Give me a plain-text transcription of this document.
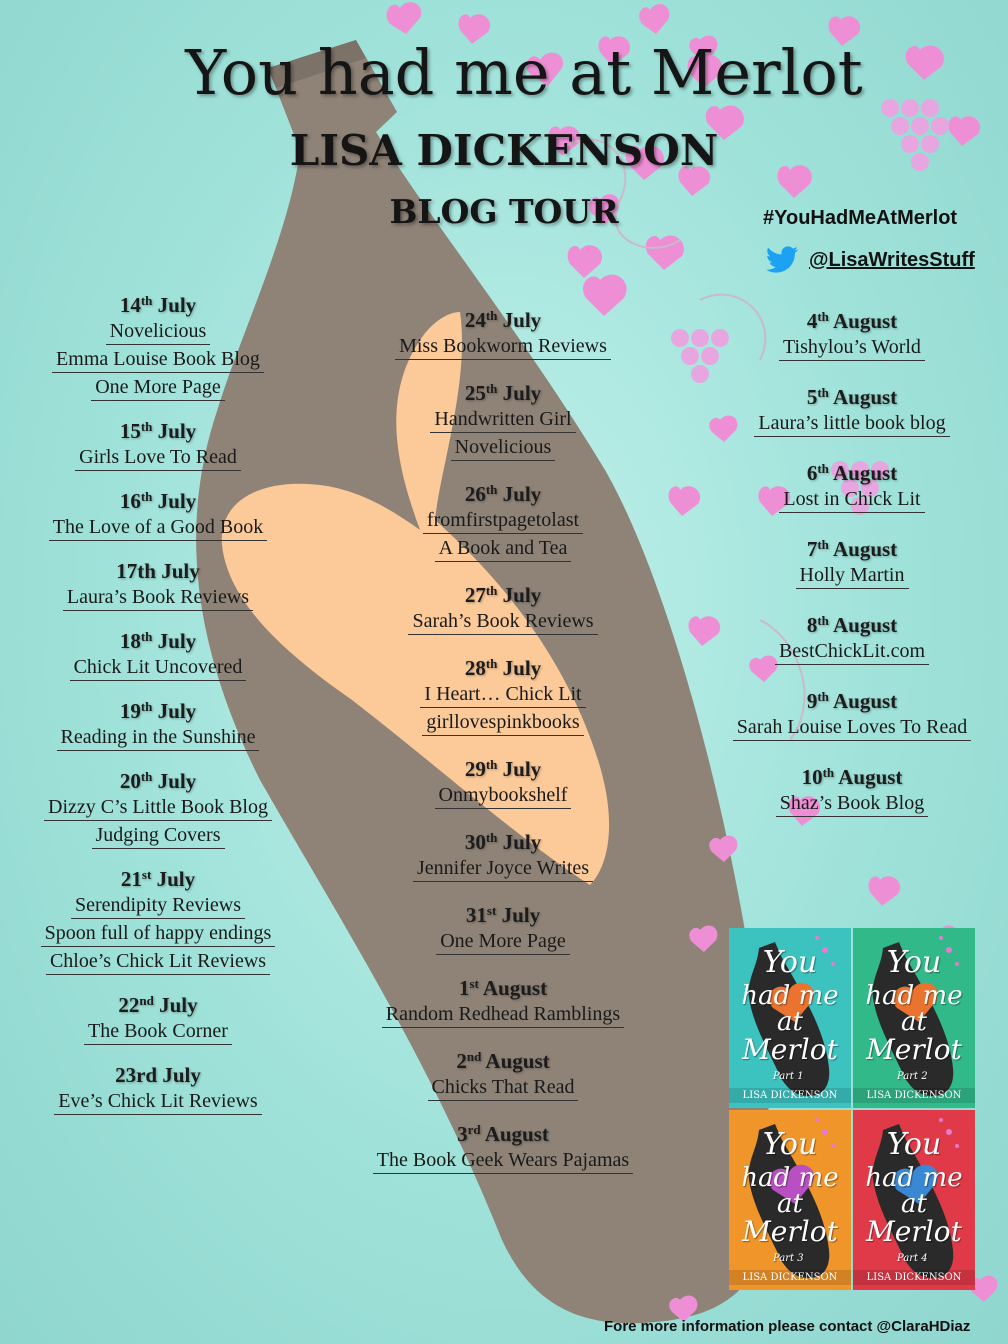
You had me at Merlot
LISA DICKENSON
BLOG TOUR	#YouHadMeAtMerlot
@LisaWritesStuff
14th July
Novelicious
Emma Louise Book Blog
One More Page
15th July
Girls Love To Read
16th July
The Love of a Good Book
17th July
Laura’s Book Reviews
18th July
Chick Lit Uncovered
19th July
Reading in the Sunshine
20th July
Dizzy C’s Little Book Blog
Judging Covers
21st July
Serendipity Reviews
Spoon full of happy endings
Chloe’s Chick Lit Reviews
22nd July
The Book Corner
23rd July
Eve’s Chick Lit Reviews
24th July
Miss Bookworm Reviews
25th July
Handwritten Girl
Novelicious
26th July
fromfirstpagetolast
A Book and Tea
27th July
Sarah’s Book Reviews
28th July
I Heart… Chick Lit
girllovespinkbooks
29th July
Onmybookshelf
30th July
Jennifer Joyce Writes
31st July
One More Page
1st August
Random Redhead Ramblings
2nd August
Chicks That Read
3rd August
The Book Geek Wears Pajamas
4th August
Tishylou’s World
5th August
Laura’s little book blog
6th August
Lost in Chick Lit
7th August
Holly Martin
8th August
BestChickLit.com
9th August
Sarah Louise Loves To Read
10th August
Shaz’s Book Blog
You
had me at
Merlot
Part 1
LISA DICKENSON
You
had me at
Merlot
Part 2
LISA DICKENSON
You
had me at
Merlot
Part 3
LISA DICKENSON
You
had me at
Merlot
Part 4
LISA DICKENSON
Fore more information please contact @ClaraHDiaz
